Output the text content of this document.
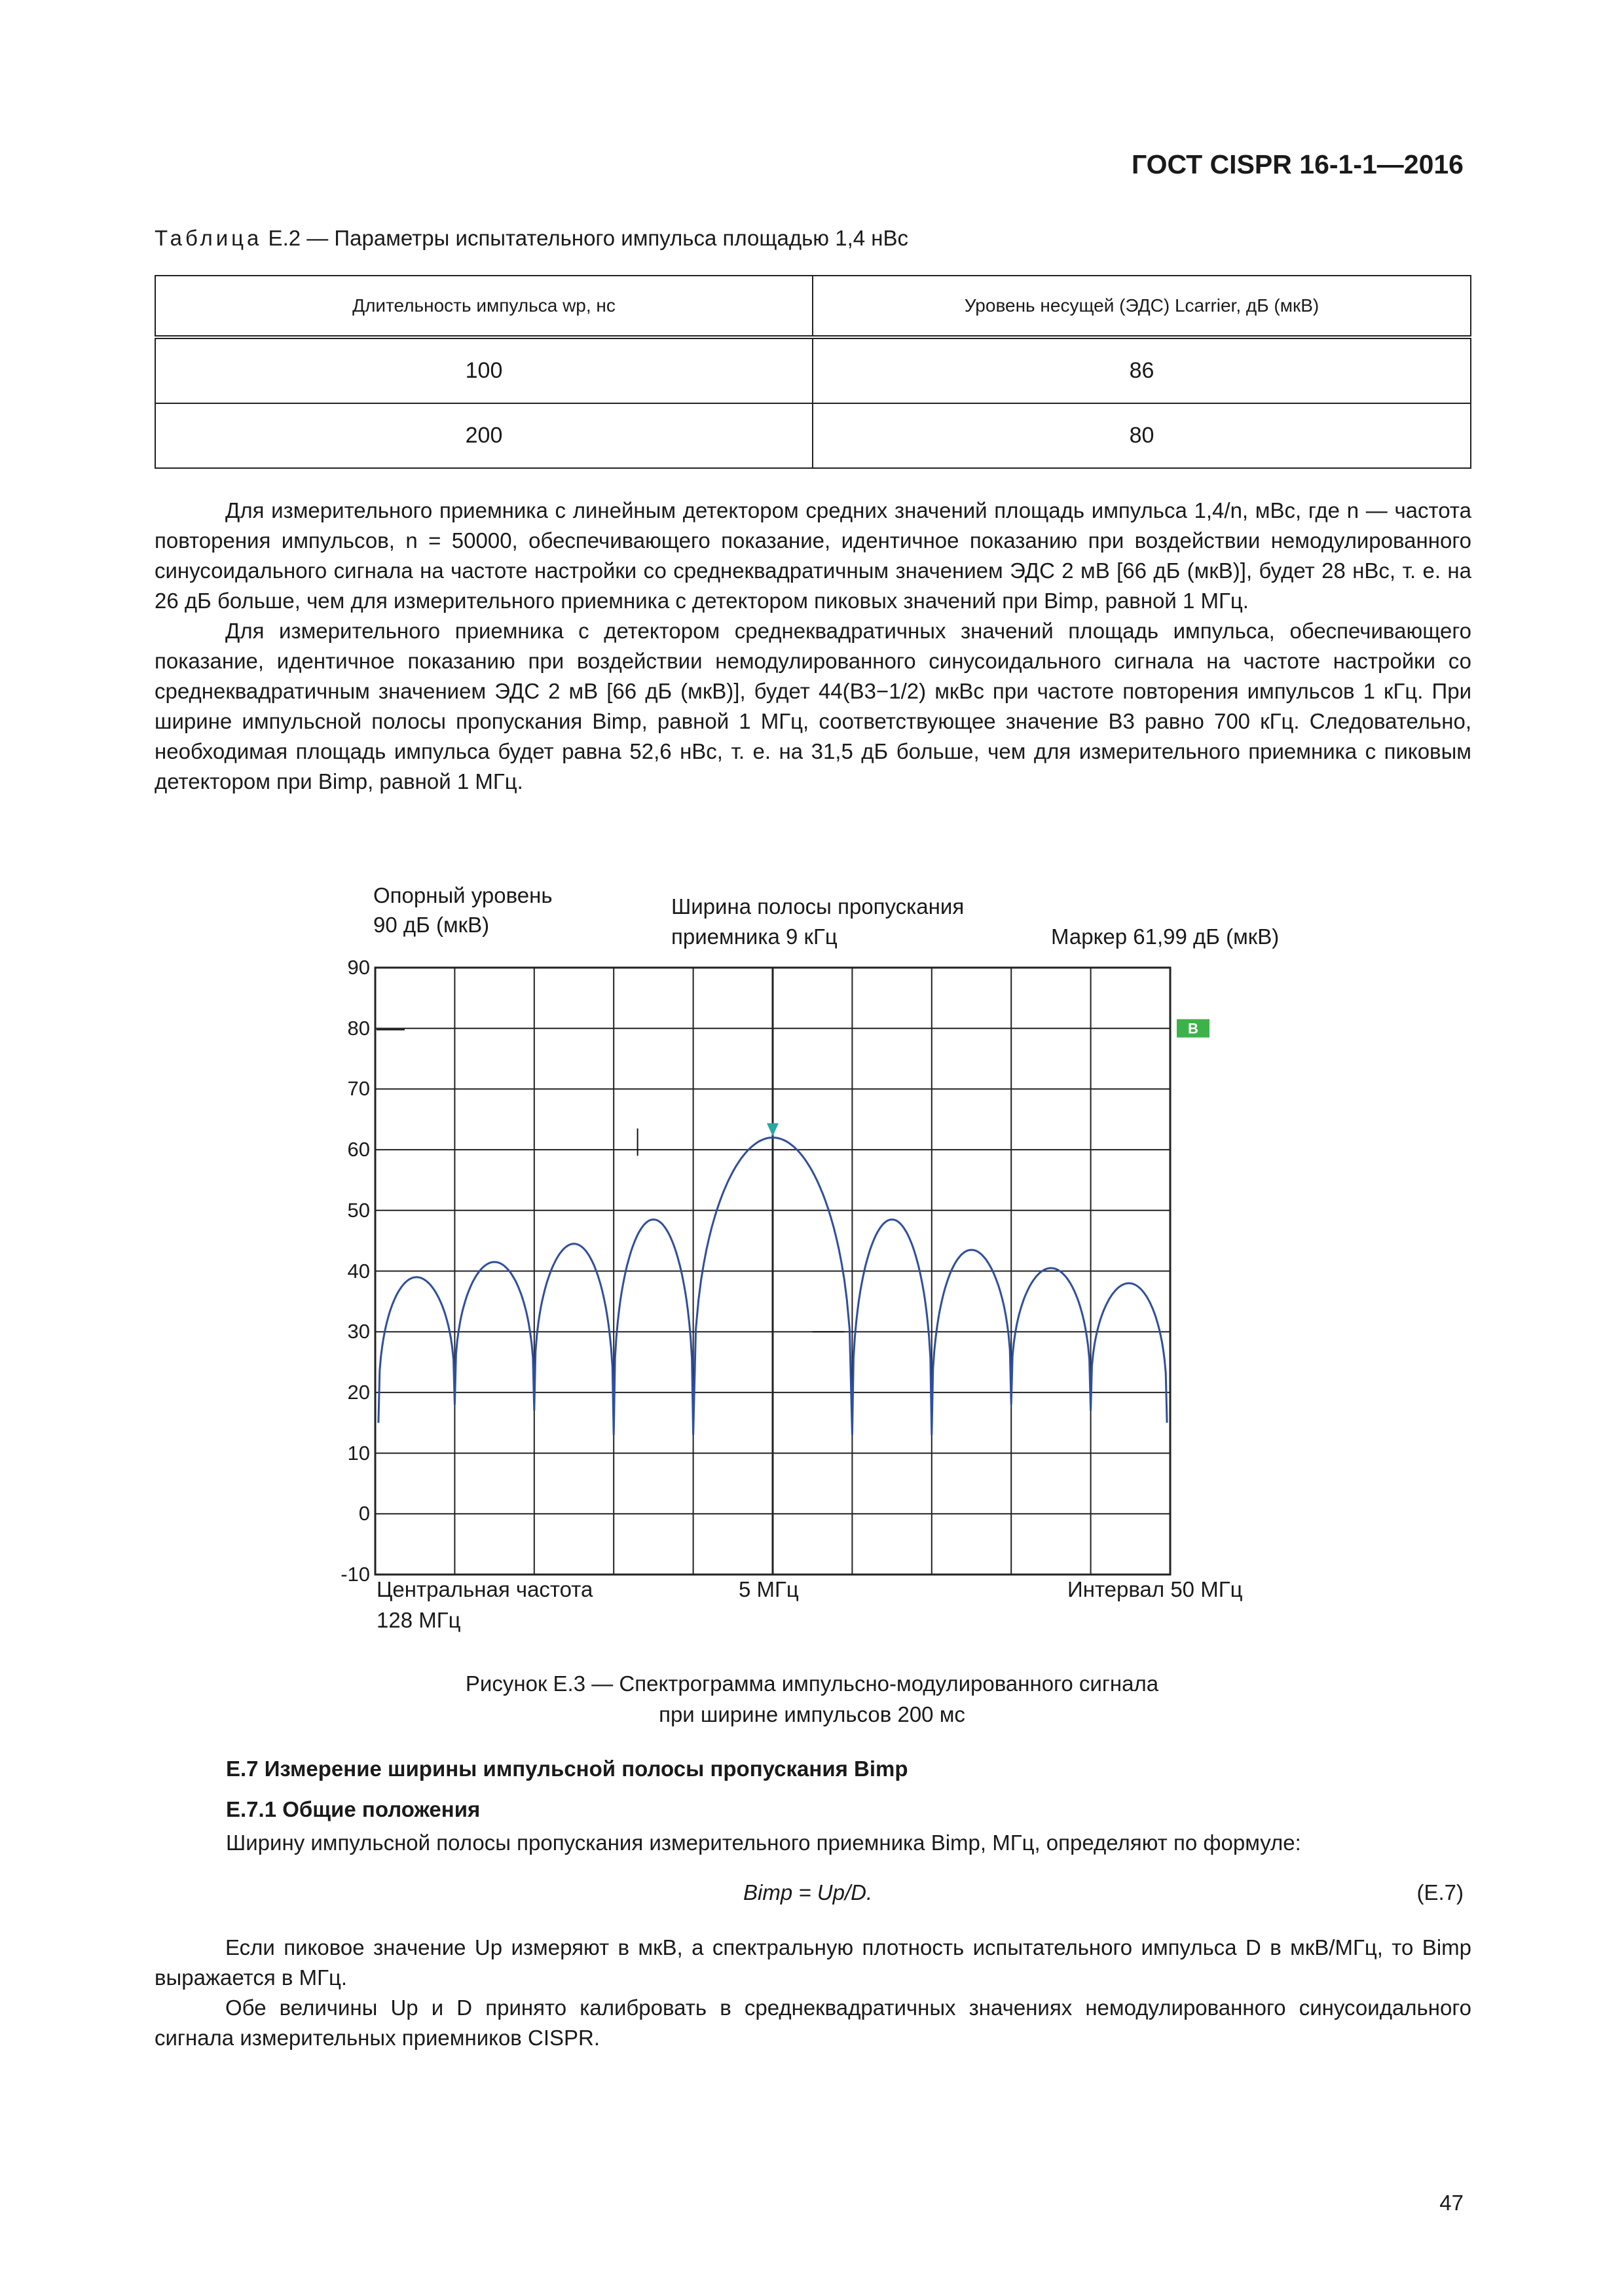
ГОСТ CISPR 16-1-1—2016
Таблица E.2 — Параметры испытательного импульса площадью 1,4 нВс
Длительность импульса wp, нс	Уровень несущей (ЭДС) Lcarrier, дБ (мкВ)
100	86
200	80

Для измерительного приемника с линейным детектором средних значений площадь импульса 1,4/n, мВс, где n — частота повторения импульсов, n = 50000, обеспечивающего показание, идентичное показанию при воздействии немодулированного синусоидального сигнала на частоте настройки со среднеквадратичным значением ЭДС 2 мВ [66 дБ (мкВ)], будет 28 нВс, т. е. на 26 дБ больше, чем для измерительного приемника с детектором пиковых значений при Bimp, равной 1 МГц.

Для измерительного приемника с детектором среднеквадратичных значений площадь импульса, обеспечивающего показание, идентичное показанию при воздействии немодулированного синусоидального сигнала на частоте настройки со среднеквадратичным значением ЭДС 2 мВ [66 дБ (мкВ)], будет 44(B3−1/2) мкВс при частоте повторения импульсов 1 кГц. При ширине импульсной полосы пропускания Bimp, равной 1 МГц, соответствующее значение B3 равно 700 кГц. Следовательно, необходимая площадь импульса будет равна 52,6 нВс, т. е. на 31,5 дБ больше, чем для измерительного приемника с пиковым детектором при Bimp, равной 1 МГц.

Опорный уровень
90 дБ (мкВ)
Ширина полосы пропускания
приемника 9 кГц	Маркер 61,99 дБ (мкВ)
90
80
70
60
50
40
30
20
10
0
-10
B
Центральная частота
128 МГц
5 МГц	Интервал 50 МГц
Рисунок E.3 — Спектрограмма импульсно-модулированного сигнала
при ширине импульсов 200 мс
E.7 Измерение ширины импульсной полосы пропускания Bimp
E.7.1 Общие положения
Ширину импульсной полосы пропускания измерительного приемника Bimp, МГц, определяют по формуле:
Bimp = Up/D.	(E.7)

Если пиковое значение Up измеряют в мкВ, а спектральную плотность испытательного импульса D в мкВ/МГц, то Bimp выражается в МГц.

Обе величины Up и D принято калибровать в среднеквадратичных значениях немодулированного синусоидального сигнала измерительных приемников CISPR.

47
